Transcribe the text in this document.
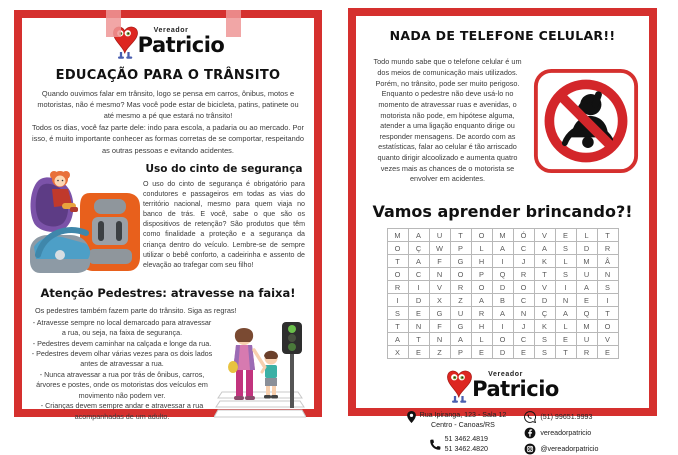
Vereador
Patricio
EDUCAÇÃO PARA O TRÂNSITO

Quando ouvimos falar em trânsito, logo se pensa em carros, ônibus, motos e motoristas, não é mesmo? Mas você pode estar de bicicleta, patins, patinete ou até mesmo a pé que estará no trânsito!

Todos os dias, você faz parte dele: indo para escola, a padaria ou ao mercado. Por isso, é muito importante conhecer as formas corretas de se comportar, respeitando as outras pessoas e evitando acidentes.

Uso do cinto de segurança

O uso do cinto de segurança é obrigatório para condutores e passageiros em todas as vias do território nacional, mesmo para quem viaja no banco de trás. E você, sabe o que são os dispositivos de retenção? São produtos que têm como finalidade a proteção e a segurança da criança dentro do veículo. Lembre-se de sempre utilizar o bebê conforto, a cadeirinha e assento de elevação ao trafegar com seu filho!

Atenção Pedestres: atravesse na faixa!

Os pedestres também fazem parte do trânsito. Siga as regras!

- Atravesse sempre no local demarcado para atravessar a rua, ou seja, na faixa de segurança.
- Pedestres devem caminhar na calçada e longe da rua.
- Pedestres devem olhar várias vezes para os dois lados antes de atravessar a rua.
- Nunca atravessar a rua por trás de ônibus, carros, árvores e postes, onde os motoristas dos veículos em movimento não podem ver.
- Crianças devem sempre andar e atravessar a rua acompanhadas de um adulto.
NADA DE TELEFONE CELULAR!!

Todo mundo sabe que o telefone celular é um dos meios de comunicação mais utilizados. Porém, no trânsito, pode ser muito perigoso. Enquanto o pedestre não deve usá-lo no momento de atravessar ruas e avenidas, o motorista não pode, em hipótese alguma, atender a uma ligação enquanto dirige ou responder mensagens. De acordo com as estatísticas, falar ao celular é tão arriscado quanto dirigir alcoolizado e aumenta quatro vezes mais as chances de o motorista se envolver em acidentes.

Vamos aprender brincando?!
M	A	U	T	O	M	Ó	V	E	L	T
O	Ç	W	P	L	A	C	A	S	D	R
T	A	F	G	H	I	J	K	L	M	Â
O	C	N	O	P	Q	R	T	S	U	N
R	I	V	R	O	D	O	V	I	A	S
I	D	X	Z	A	B	C	D	N	E	I
S	E	G	U	R	A	N	Ç	A	Q	T
T	N	F	G	H	I	J	K	L	M	O
A	T	N	A	L	O	C	S	E	U	V
X	E	Z	P	E	D	E	S	T	R	E
Vereador
Patricio
Rua Ipiranga, 123 - Sala 12
Centro - Canoas/RS
51 3462.4819
51 3462.4820
(51) 99651.9993
vereadorpatricio
@vereadorpatricio
